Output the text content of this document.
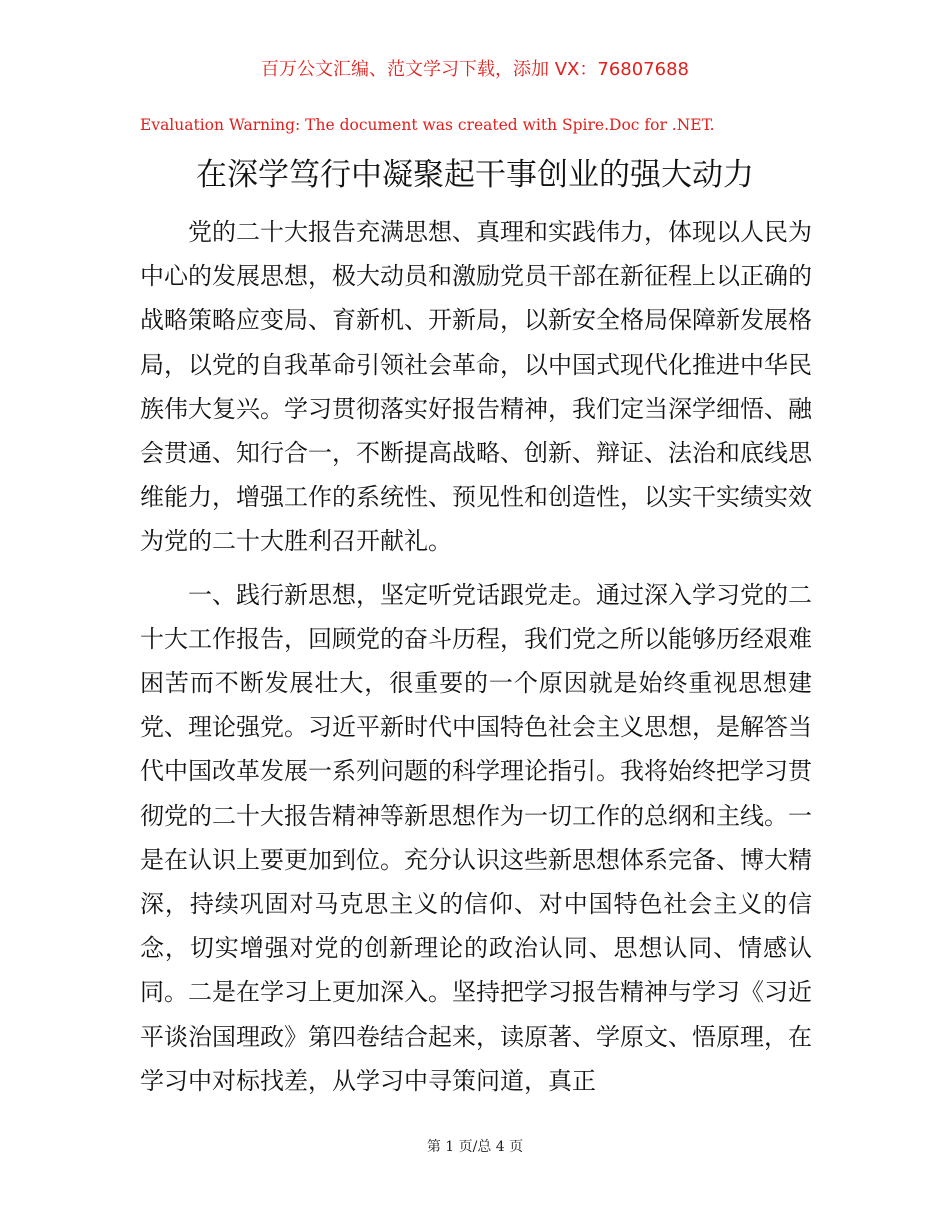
百万公文汇编、范文学习下载，添加 VX：76807688
Evaluation Warning: The document was created with Spire.Doc for .NET.
在深学笃行中凝聚起干事创业的强大动力

党的二十大报告充满思想、真理和实践伟力，体现以人民为中心的发展思想，极大动员和激励党员干部在新征程上以正确的战略策略应变局、育新机、开新局，以新安全格局保障新发展格局，以党的自我革命引领社会革命，以中国式现代化推进中华民族伟大复兴。学习贯彻落实好报告精神，我们定当深学细悟、融会贯通、知行合一，不断提高战略、创新、辩证、法治和底线思维能力，增强工作的系统性、预见性和创造性，以实干实绩实效为党的二十大胜利召开献礼。

一、践行新思想，坚定听党话跟党走。通过深入学习党的二十大工作报告，回顾党的奋斗历程，我们党之所以能够历经艰难困苦而不断发展壮大，很重要的一个原因就是始终重视思想建党、理论强党。习近平新时代中国特色社会主义思想，是解答当代中国改革发展一系列问题的科学理论指引。我将始终把学习贯彻党的二十大报告精神等新思想作为一切工作的总纲和主线。一是在认识上要更加到位。充分认识这些新思想体系完备、博大精深，持续巩固对马克思主义的信仰、对中国特色社会主义的信念，切实增强对党的创新理论的政治认同、思想认同、情感认同。二是在学习上更加深入。坚持把学习报告精神与学习《习近平谈治国理政》第四卷结合起来，读原著、学原文、悟原理，在学习中对标找差，从学习中寻策问道，真正

第 1 页/总 4 页
